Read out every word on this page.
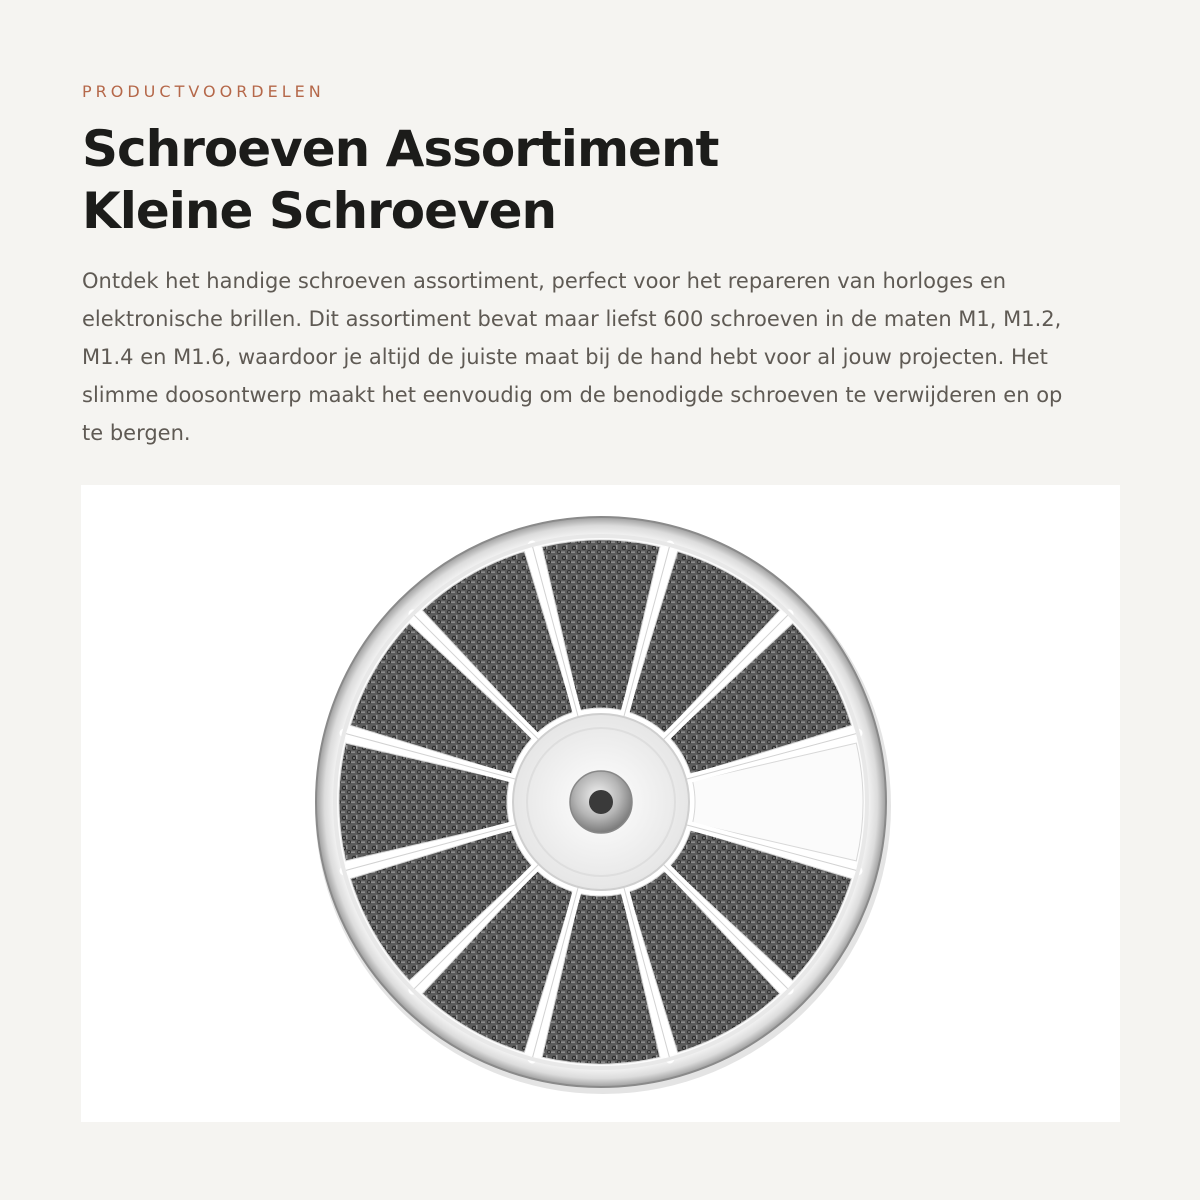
PRODUCTVOORDELEN
Schroeven Assortiment
Kleine Schroeven

Ontdek het handige schroeven assortiment, perfect voor het repareren van horloges en elektronische brillen. Dit assortiment bevat maar liefst 600 schroeven in de maten M1, M1.2, M1.4 en M1.6, waardoor je altijd de juiste maat bij de hand hebt voor al jouw projecten. Het slimme doosontwerp maakt het eenvoudig om de benodigde schroeven te verwijderen en op te bergen.
